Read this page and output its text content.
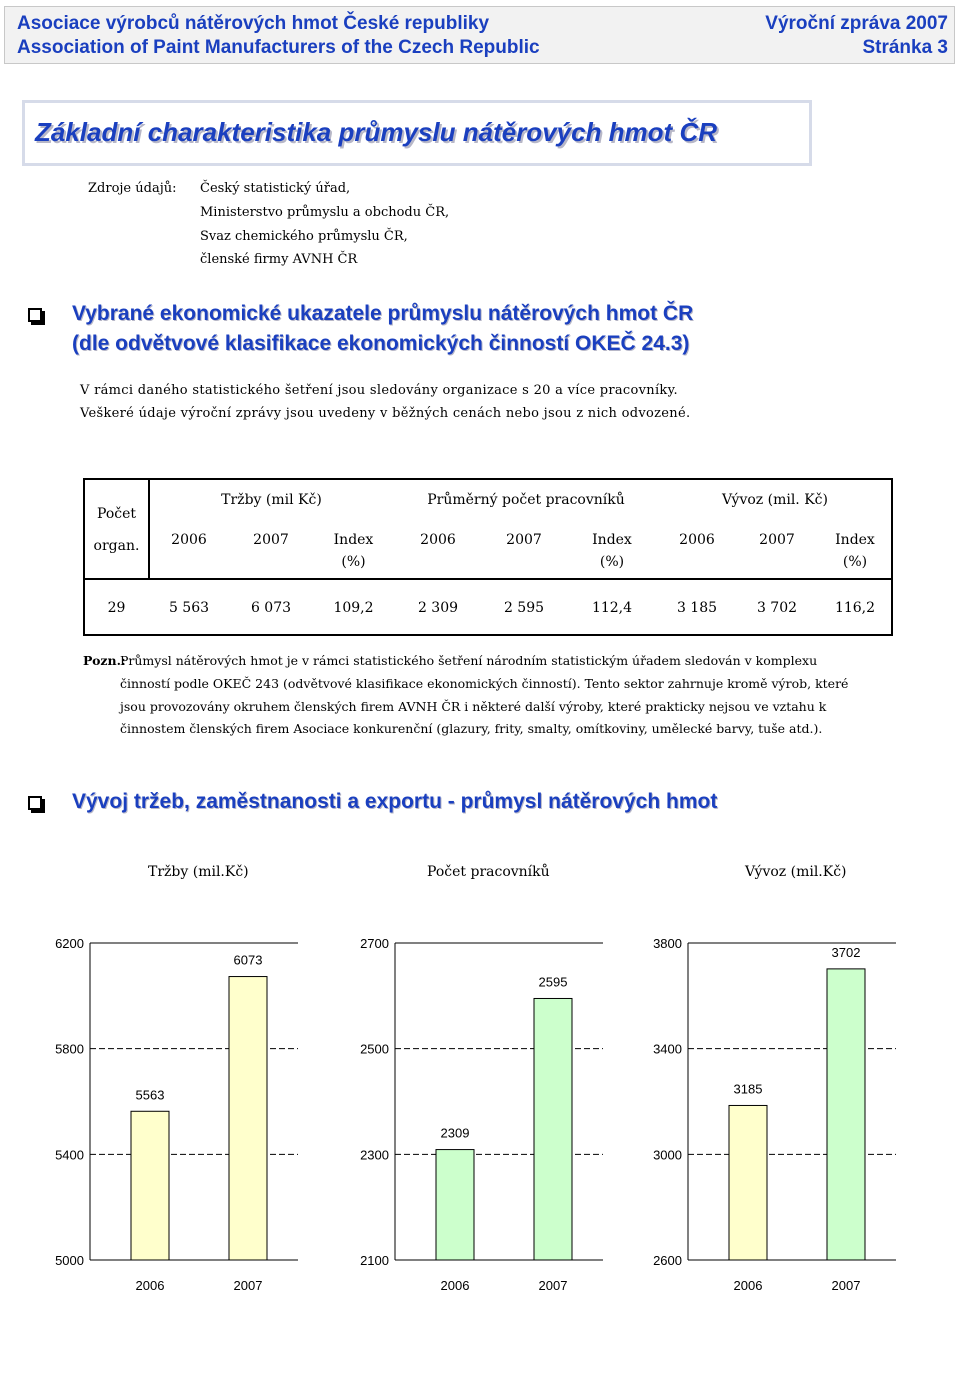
Asociace výrobců nátěrových hmot České republiky
Association of Paint Manufacturers of the Czech Republic
Výroční zpráva 2007
Stránka 3
Základní charakteristika průmyslu nátěrových hmot ČR
Zdroje údajů: Český statistický úřad,
Ministerstvo průmyslu a obchodu ČR,
Svaz chemického průmyslu ČR,
členské firmy AVNH ČR
Vybrané ekonomické ukazatele průmyslu nátěrových hmot ČR
(dle odvětvové klasifikace ekonomických činností OKEČ 24.3)
V rámci daného statistického šetření jsou sledovány organizace s 20 a více pracovníky.
Veškeré údaje výroční zprávy jsou uvedeny v běžných cenách nebo jsou z nich odvozené.
Počet
organ.
Tržby (mil Kč)	Průměrný počet pracovníků	Vývoz (mil. Kč)
2006	2007	Index
(%)
2006	2007	Index
(%)
2006	2007	Index
(%)
29	5 563	6 073	109,2	2 309	2 595	112,4	3 185	3 702	116,2
Pozn.:
Průmysl nátěrových hmot je v rámci statistického šetření národním statistickým úřadem sledován v komplexu
činností podle OKEČ 243 (odvětvové klasifikace ekonomických činností). Tento sektor zahrnuje kromě výrob, které
jsou provozovány okruhem členských firem AVNH ČR i některé další výroby, které prakticky nejsou ve vztahu k
činnostem členských firem Asociace konkurenční (glazury, frity, smalty, omítkoviny, umělecké barvy, tuše atd.).
Vývoj tržeb, zaměstnanosti a exportu - průmysl nátěrových hmot
Tržby (mil.Kč)	Počet pracovníků	Vývoz (mil.Kč)
5000
5400
5800
6200
5563
2006
6073
2007
2100
2300
2500
2700
2309
2006
2595
2007
2600
3000
3400
3800
3185
2006
3702
2007
